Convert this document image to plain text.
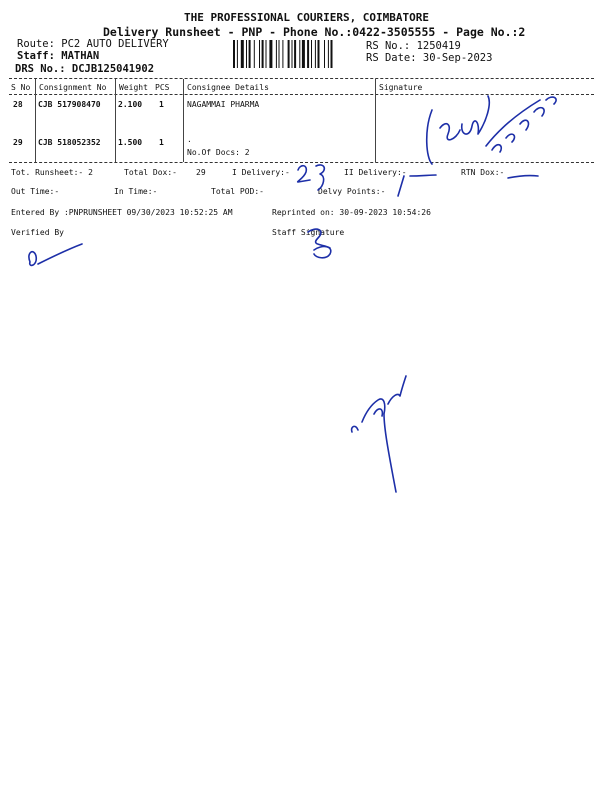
THE PROFESSIONAL COURIERS, COIMBATORE
Delivery Runsheet - PNP - Phone No.:0422-3505555 - Page No.:2
Route: PC2 AUTO DELIVERY
Staff: MATHAN
DRS No.: DCJB125041902
RS No.: 1250419
RS Date: 30-Sep-2023
S No Consignment No Weight PCS Consignee Details	Signature
28 CJB 517908470 2.100 1	NAGAMMAI PHARMA
29 CJB 518052352 1.500 1	.
No.Of Docs: 2
Tot. Runsheet:- 2	Total Dox:- 29	I Delivery:-	II Delivery:-	RTN Dox:-
Out Time:-	In Time:-	Total POD:-	Delvy Points:-
Entered By :PNPRUNSHEET 09/30/2023 10:52:25 AM	Reprinted on: 30-09-2023 10:54:26
Verified By	Staff Signature
